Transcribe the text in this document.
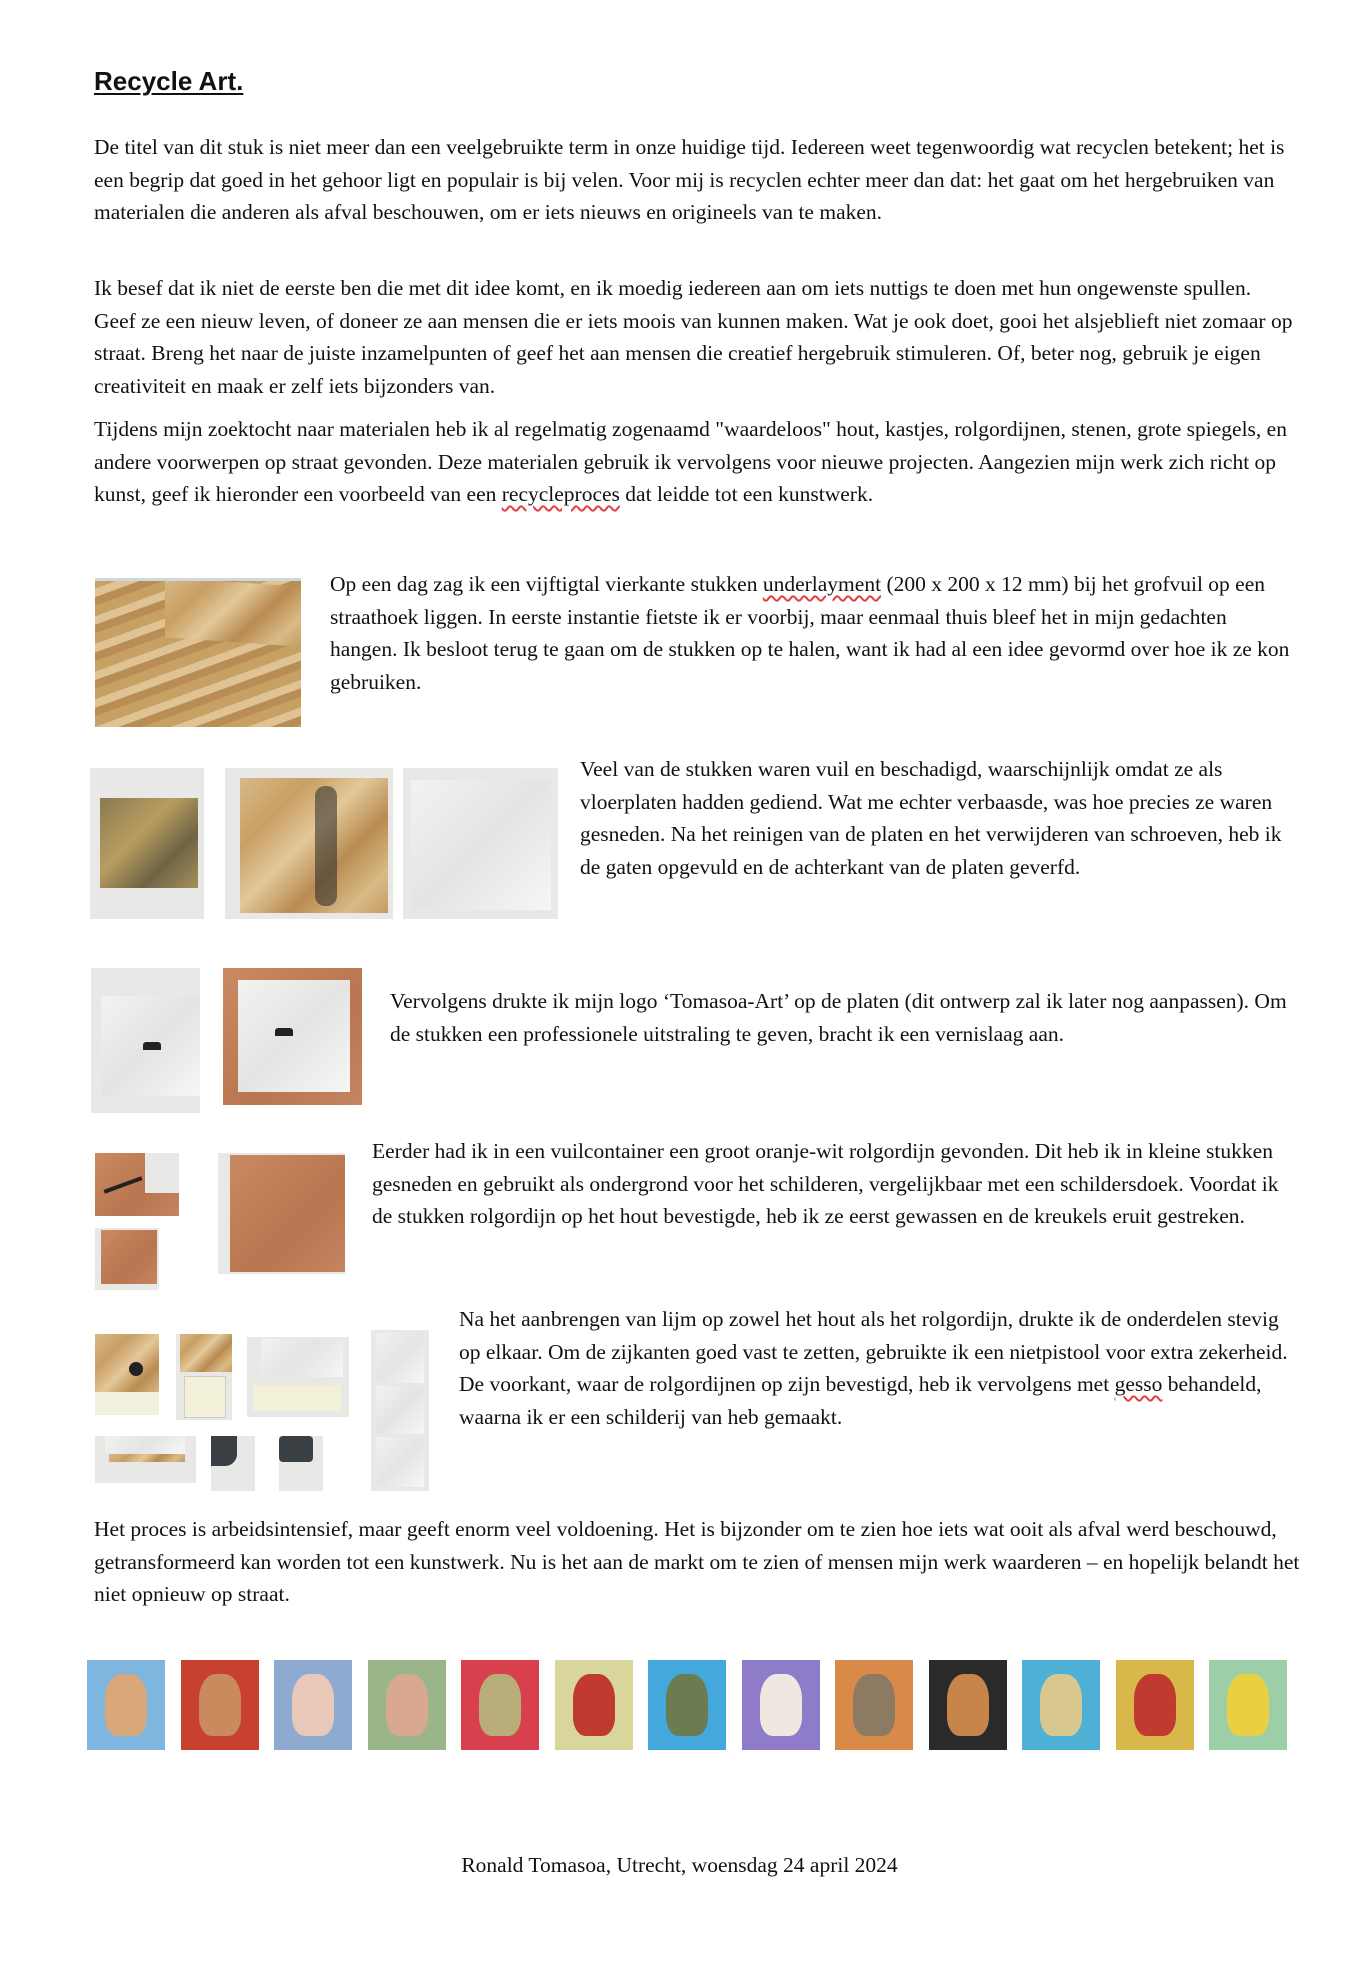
Recycle Art.

De titel van dit stuk is niet meer dan een veelgebruikte term in onze huidige tijd. Iedereen weet tegenwoordig wat recyclen betekent; het is een begrip dat goed in het gehoor ligt en populair is bij velen. Voor mij is recyclen echter meer dan dat: het gaat om het hergebruiken van materialen die anderen als afval beschouwen, om er iets nieuws en origineels van te maken.

Ik besef dat ik niet de eerste ben die met dit idee komt, en ik moedig iedereen aan om iets nuttigs te doen met hun ongewenste spullen. Geef ze een nieuw leven, of doneer ze aan mensen die er iets moois van kunnen maken. Wat je ook doet, gooi het alsjeblieft niet zomaar op straat. Breng het naar de juiste inzamelpunten of geef het aan mensen die creatief hergebruik stimuleren. Of, beter nog, gebruik je eigen creativiteit en maak er zelf iets bijzonders van.

Tijdens mijn zoektocht naar materialen heb ik al regelmatig zogenaamd "waardeloos" hout, kastjes, rolgordijnen, stenen, grote spiegels, en andere voorwerpen op straat gevonden. Deze materialen gebruik ik vervolgens voor nieuwe projecten. Aangezien mijn werk zich richt op kunst, geef ik hieronder een voorbeeld van een recycleproces dat leidde tot een kunstwerk.

Op een dag zag ik een vijftigtal vierkante stukken underlayment (200 x 200 x 12 mm) bij het grofvuil op een straathoek liggen. In eerste instantie fietste ik er voorbij, maar eenmaal thuis bleef het in mijn gedachten hangen. Ik besloot terug te gaan om de stukken op te halen, want ik had al een idee gevormd over hoe ik ze kon gebruiken.

Veel van de stukken waren vuil en beschadigd, waarschijnlijk omdat ze als vloerplaten hadden gediend. Wat me echter verbaasde, was hoe precies ze waren gesneden. Na het reinigen van de platen en het verwijderen van schroeven, heb ik de gaten opgevuld en de achterkant van de platen geverfd.

Vervolgens drukte ik mijn logo ‘Tomasoa-Art’ op de platen (dit ontwerp zal ik later nog aanpassen). Om de stukken een professionele uitstraling te geven, bracht ik een vernislaag aan.

Eerder had ik in een vuilcontainer een groot oranje-wit rolgordijn gevonden. Dit heb ik in kleine stukken gesneden en gebruikt als ondergrond voor het schilderen, vergelijkbaar met een schildersdoek. Voordat ik de stukken rolgordijn op het hout bevestigde, heb ik ze eerst gewassen en de kreukels eruit gestreken.

Na het aanbrengen van lijm op zowel het hout als het rolgordijn, drukte ik de onderdelen stevig op elkaar. Om de zijkanten goed vast te zetten, gebruikte ik een nietpistool voor extra zekerheid. De voorkant, waar de rolgordijnen op zijn bevestigd, heb ik vervolgens met gesso behandeld, waarna ik er een schilderij van heb gemaakt.

Het proces is arbeidsintensief, maar geeft enorm veel voldoening. Het is bijzonder om te zien hoe iets wat ooit als afval werd beschouwd, getransformeerd kan worden tot een kunstwerk. Nu is het aan de markt om te zien of mensen mijn werk waarderen – en hopelijk belandt het niet opnieuw op straat.

Ronald Tomasoa, Utrecht, woensdag 24 april 2024
